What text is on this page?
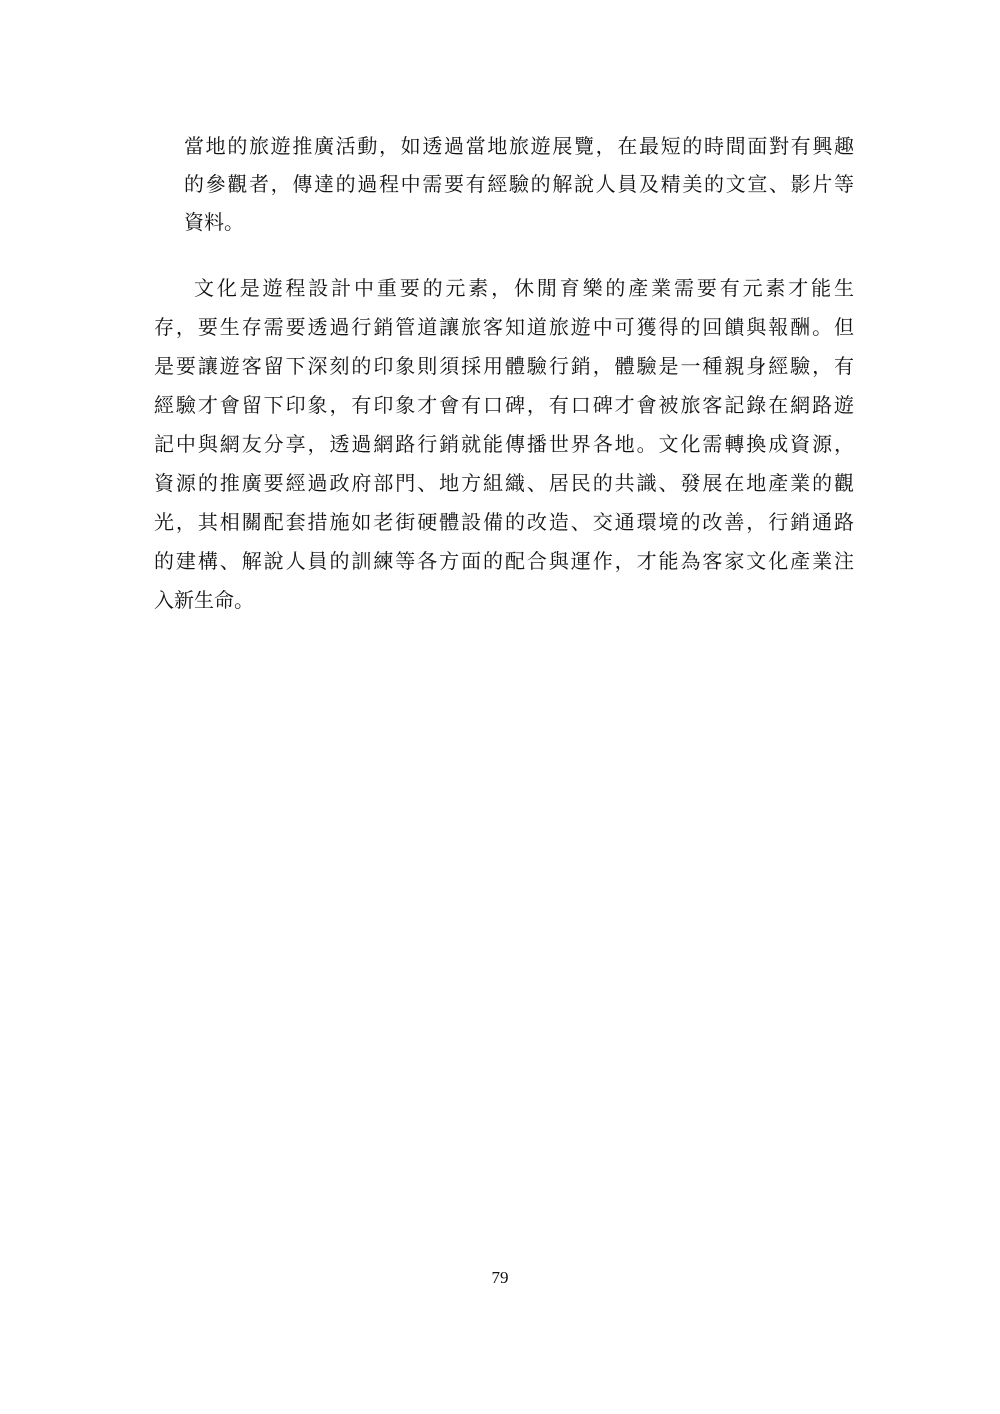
當地的旅遊推廣活動，如透過當地旅遊展覽，在最短的時間面對有興趣
的參觀者，傳達的過程中需要有經驗的解說人員及精美的文宣、影片等
資料。
文化是遊程設計中重要的元素，休閒育樂的產業需要有元素才能生
存，要生存需要透過行銷管道讓旅客知道旅遊中可獲得的回饋與報酬。但
是要讓遊客留下深刻的印象則須採用體驗行銷，體驗是一種親身經驗，有
經驗才會留下印象，有印象才會有口碑，有口碑才會被旅客記錄在網路遊
記中與網友分享，透過網路行銷就能傳播世界各地。文化需轉換成資源，
資源的推廣要經過政府部門、地方組織、居民的共識、發展在地產業的觀
光，其相關配套措施如老街硬體設備的改造、交通環境的改善，行銷通路
的建構、解說人員的訓練等各方面的配合與運作，才能為客家文化產業注
入新生命。
79
